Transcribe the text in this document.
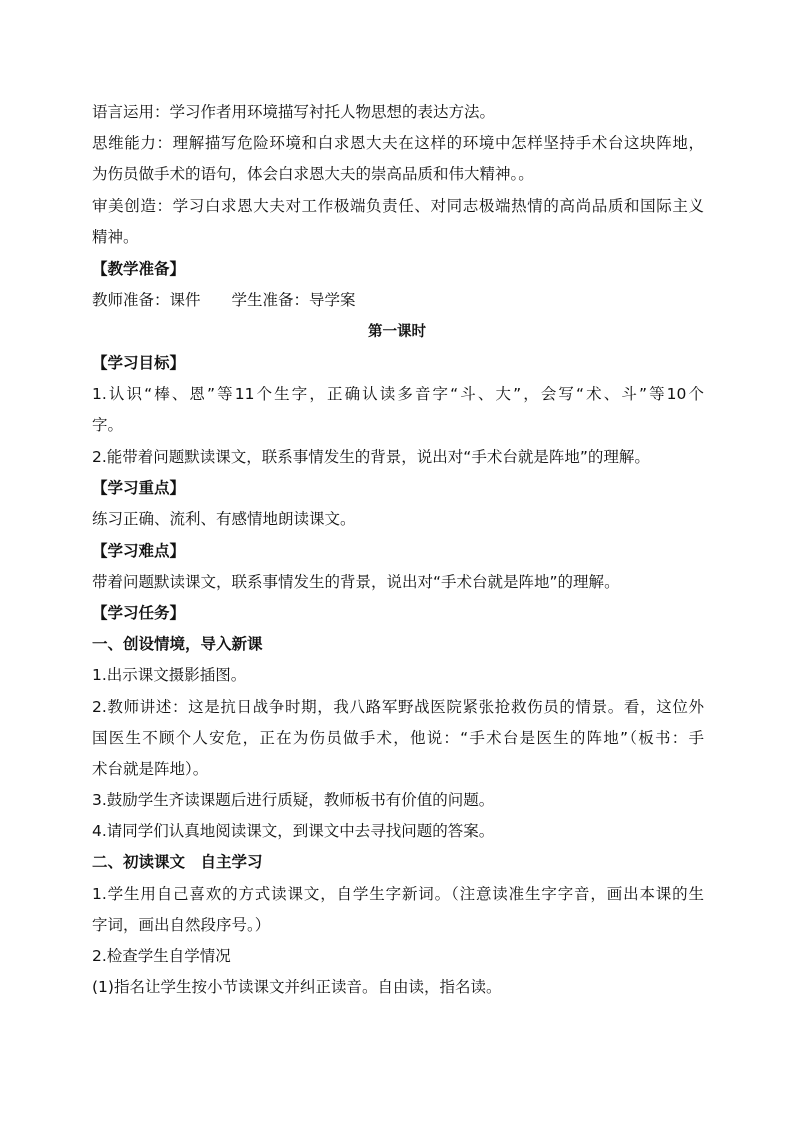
语言运用：学习作者用环境描写衬托人物思想的表达方法。
思维能力：理解描写危险环境和白求恩大夫在这样的环境中怎样坚持手术台这块阵地，
为伤员做手术的语句，体会白求恩大夫的崇高品质和伟大精神。。
审美创造：学习白求恩大夫对工作极端负责任、对同志极端热情的高尚品质和国际主义
精神。
【教学准备】
教师准备：课件　　学生准备：导学案
第一课时
【学习目标】
1.认识“棒、恩”等11个生字，正确认读多音字“斗、大”，会写“术、斗”等10个
字。
2.能带着问题默读课文，联系事情发生的背景，说出对“手术台就是阵地”的理解。
【学习重点】
练习正确、流利、有感情地朗读课文。
【学习难点】
带着问题默读课文，联系事情发生的背景，说出对“手术台就是阵地”的理解。
【学习任务】
一、创设情境，导入新课
1.出示课文摄影插图。
2.教师讲述：这是抗日战争时期，我八路军野战医院紧张抢救伤员的情景。看，这位外
国医生不顾个人安危，正在为伤员做手术，他说：“手术台是医生的阵地”（板书：手
术台就是阵地）。
3.鼓励学生齐读课题后进行质疑，教师板书有价值的问题。
4.请同学们认真地阅读课文，到课文中去寻找问题的答案。
二、初读课文　自主学习
1.学生用自己喜欢的方式读课文，自学生字新词。（注意读准生字字音，画出本课的生
字词，画出自然段序号。）
2.检查学生自学情况
(1)指名让学生按小节读课文并纠正读音。自由读，指名读。
